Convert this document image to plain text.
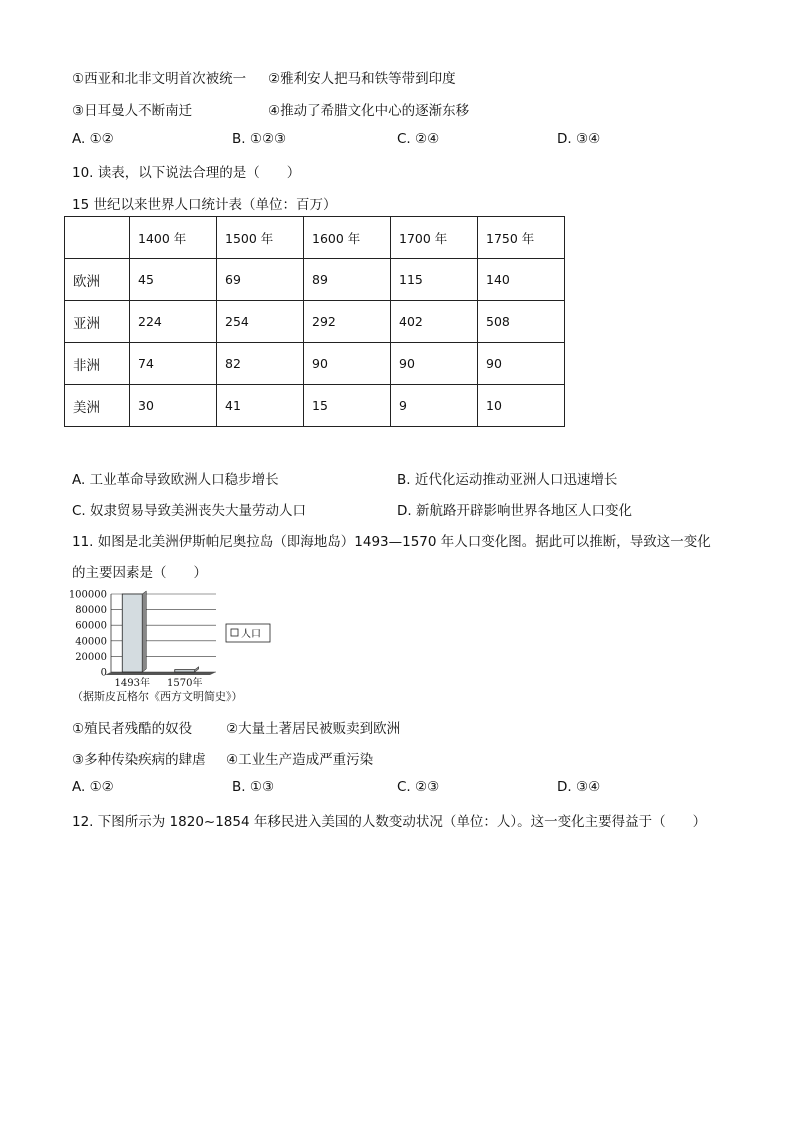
①西亚和北非文明首次被统一 ②雅利安人把马和铁等带到印度
③日耳曼人不断南迁	④推动了希腊文化中心的逐渐东移
A. ①②	B. ①②③	C. ②④	D. ③④
10. 读表，以下说法合理的是（　　）
15 世纪以来世界人口统计表（单位：百万）
	1400 年	1500 年	1600 年	1700 年	1750 年
欧洲	45	69	89	115	140
亚洲	224	254	292	402	508
非洲	74	82	90	90	90
美洲	30	41	15	9	10
A. 工业革命导致欧洲人口稳步增长	B. 近代化运动推动亚洲人口迅速增长
C. 奴隶贸易导致美洲丧失大量劳动人口	D. 新航路开辟影响世界各地区人口变化
11. 如图是北美洲伊斯帕尼奥拉岛（即海地岛）1493—1570 年人口变化图。据此可以推断，导致这一变化
的主要因素是（　　）
100000
80000
60000
40000
20000
0
1493年 1570年
人口
（据斯皮瓦格尔《西方文明简史》）
①殖民者残酷的奴役	②大量土著居民被贩卖到欧洲
③多种传染疾病的肆虐 ④工业生产造成严重污染
A. ①②	B. ①③	C. ②③	D. ③④
12. 下图所示为 1820~1854 年移民进入美国的人数变动状况（单位：人）。这一变化主要得益于（　　）
